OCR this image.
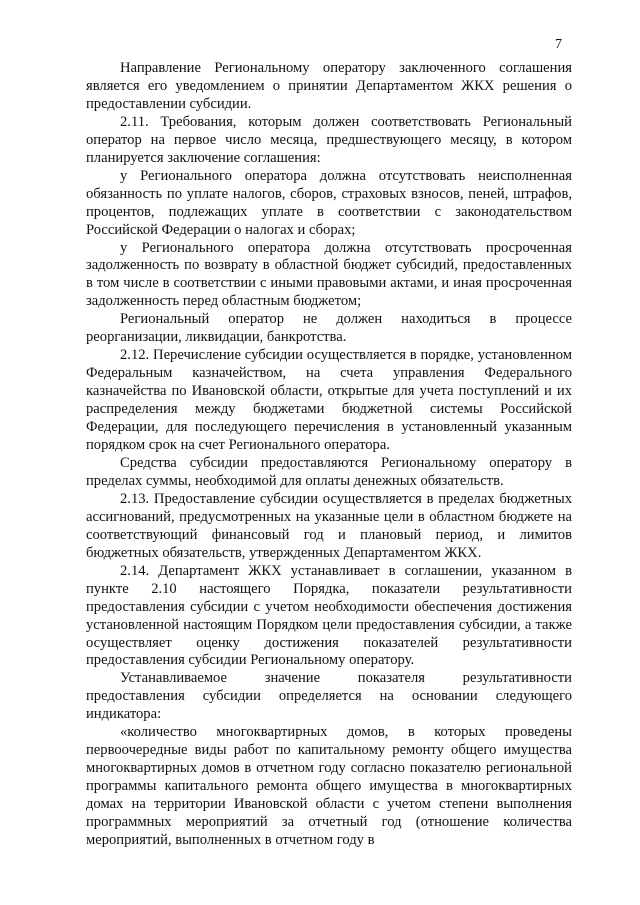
7

Направление Региональному оператору заключенного соглашения является его уведомлением о принятии Департаментом ЖКХ решения о предоставлении субсидии.

2.11. Требования, которым должен соответствовать Региональный оператор на первое число месяца, предшествующего месяцу, в котором планируется заключение соглашения:

у Регионального оператора должна отсутствовать неисполненная обязанность по уплате налогов, сборов, страховых взносов, пеней, штрафов, процентов, подлежащих уплате в соответствии с законодательством Российской Федерации о налогах и сборах;

у Регионального оператора должна отсутствовать просроченная задолженность по возврату в областной бюджет субсидий, предоставленных в том числе в соответствии с иными правовыми актами, и иная просроченная задолженность перед областным бюджетом;

Региональный оператор не должен находиться в процессе реорганизации, ликвидации, банкротства.

2.12. Перечисление субсидии осуществляется в порядке, установленном Федеральным казначейством, на счета управления Федерального казначейства по Ивановской области, открытые для учета поступлений и их распределения между бюджетами бюджетной системы Российской Федерации, для последующего перечисления в установленный указанным порядком срок на счет Регионального оператора.

Средства субсидии предоставляются Региональному оператору в пределах суммы, необходимой для оплаты денежных обязательств.

2.13. Предоставление субсидии осуществляется в пределах бюджетных ассигнований, предусмотренных на указанные цели в областном бюджете на соответствующий финансовый год и плановый период, и лимитов бюджетных обязательств, утвержденных Департаментом ЖКХ.

2.14. Департамент ЖКХ устанавливает в соглашении, указанном в пункте 2.10 настоящего Порядка, показатели результативности предоставления субсидии с учетом необходимости обеспечения достижения установленной настоящим Порядком цели предоставления субсидии, а также осуществляет оценку достижения показателей результативности предоставления субсидии Региональному оператору.

Устанавливаемое значение показателя результативности предоставления субсидии определяется на основании следующего индикатора:

«количество многоквартирных домов, в которых проведены первоочередные виды работ по капитальному ремонту общего имущества многоквартирных домов в отчетном году согласно показателю региональной программы капитального ремонта общего имущества в многоквартирных домах на территории Ивановской области с учетом степени выполнения программных мероприятий за отчетный год (отношение количества мероприятий, выполненных в отчетном году в
